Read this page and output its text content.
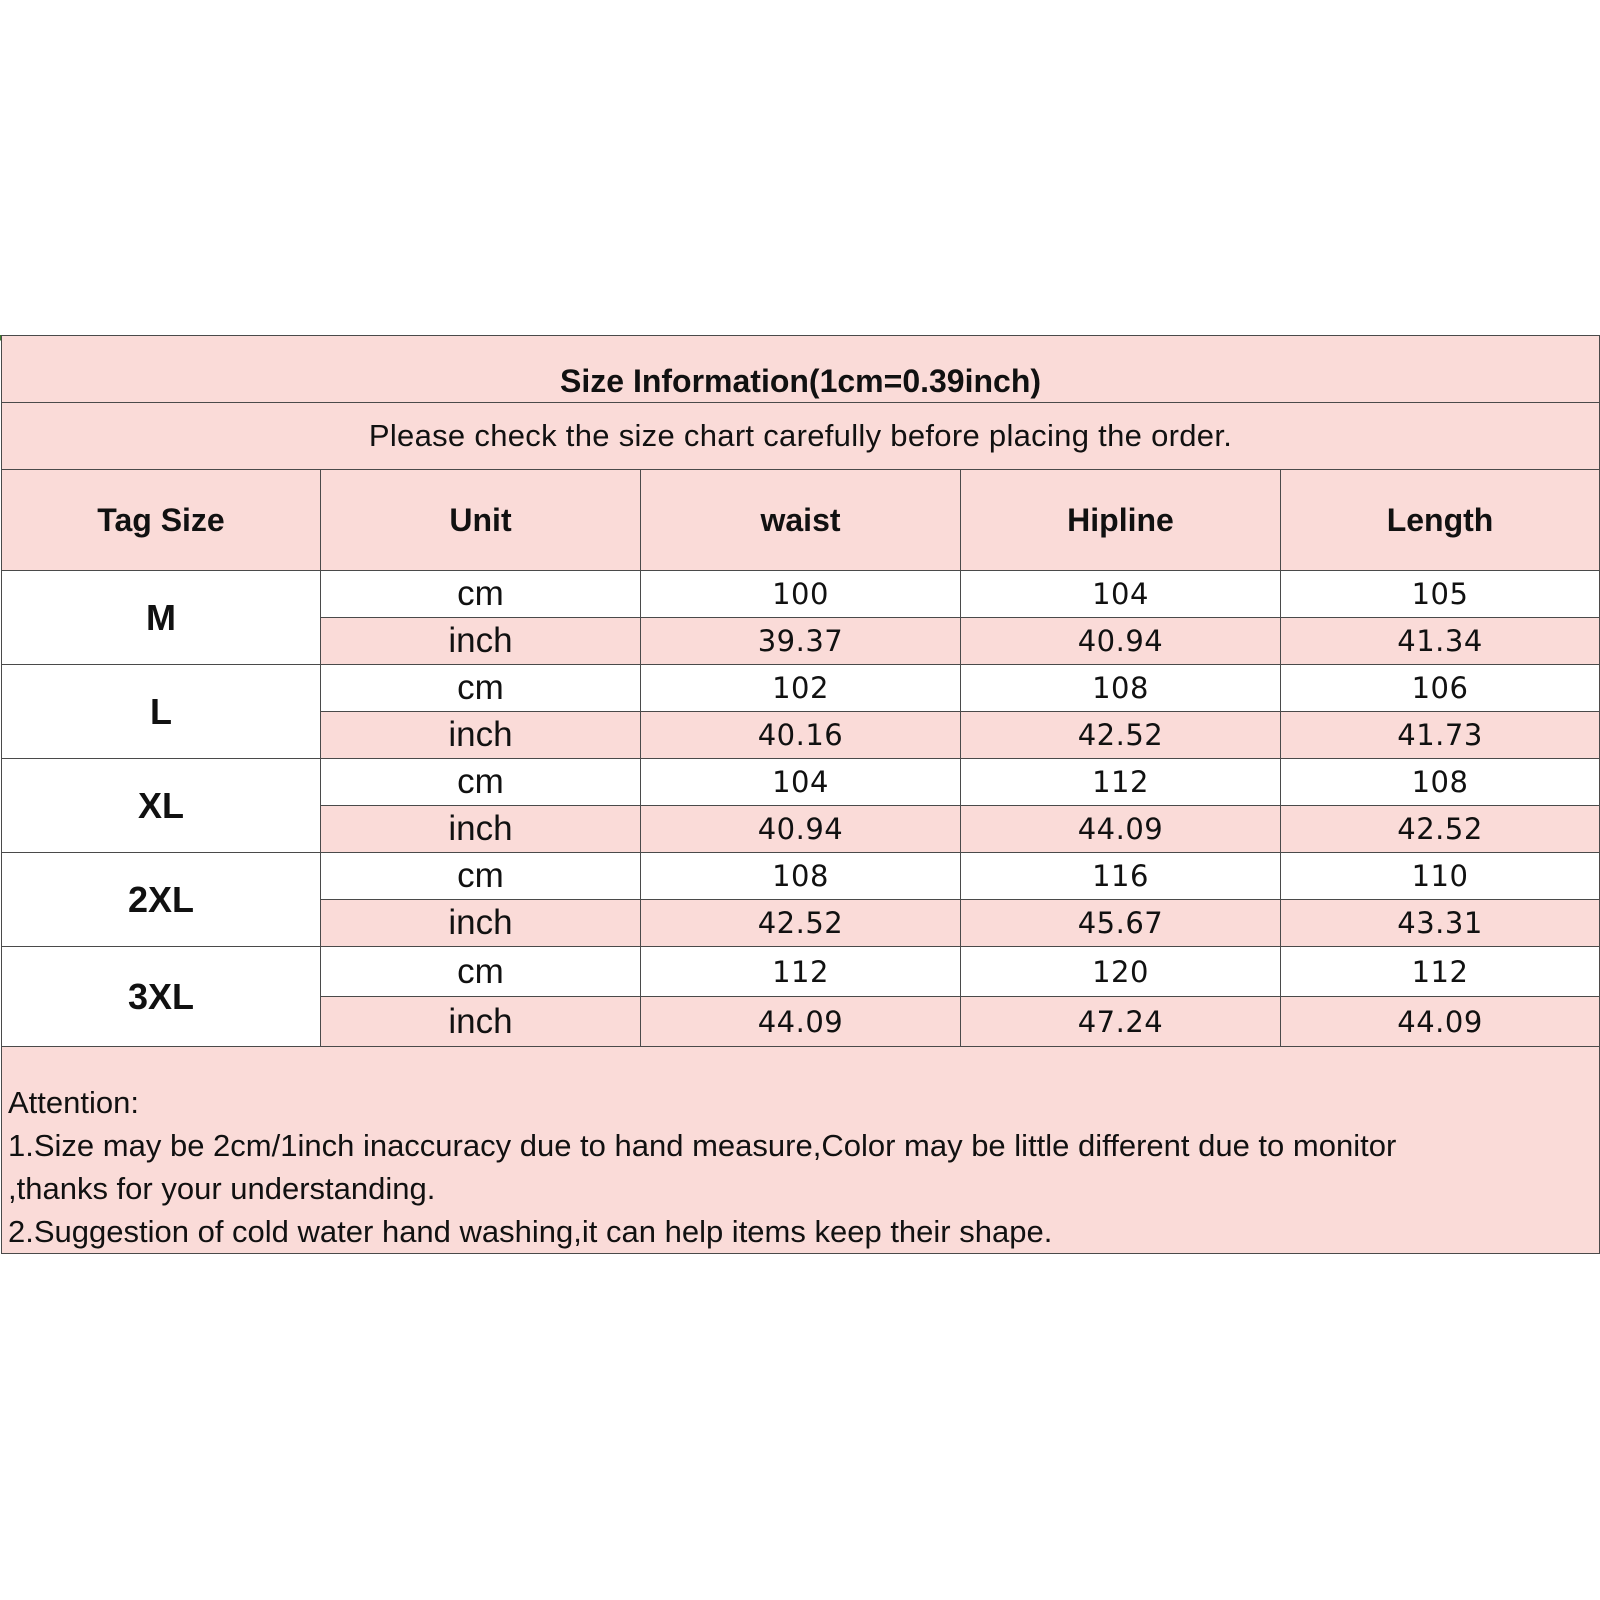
Size Information(1cm=0.39inch)				
Please check the size chart carefully before placing the order.				
Tag Size	Unit	waist	Hipline	Length
M	cm	100	104	105
	inch	39.37	40.94	41.34
L	cm	102	108	106
	inch	40.16	42.52	41.73
XL	cm	104	112	108
	inch	40.94	44.09	42.52
2XL	cm	108	116	110
	inch	42.52	45.67	43.31
3XL	cm	112	120	112
	inch	44.09	47.24	44.09

Attention:
1.Size may be 2cm/1inch inaccuracy due to hand measure,Color may be little different due to monitor
,thanks for your understanding.
2.Suggestion of cold water hand washing,it can help items keep their shape.				
